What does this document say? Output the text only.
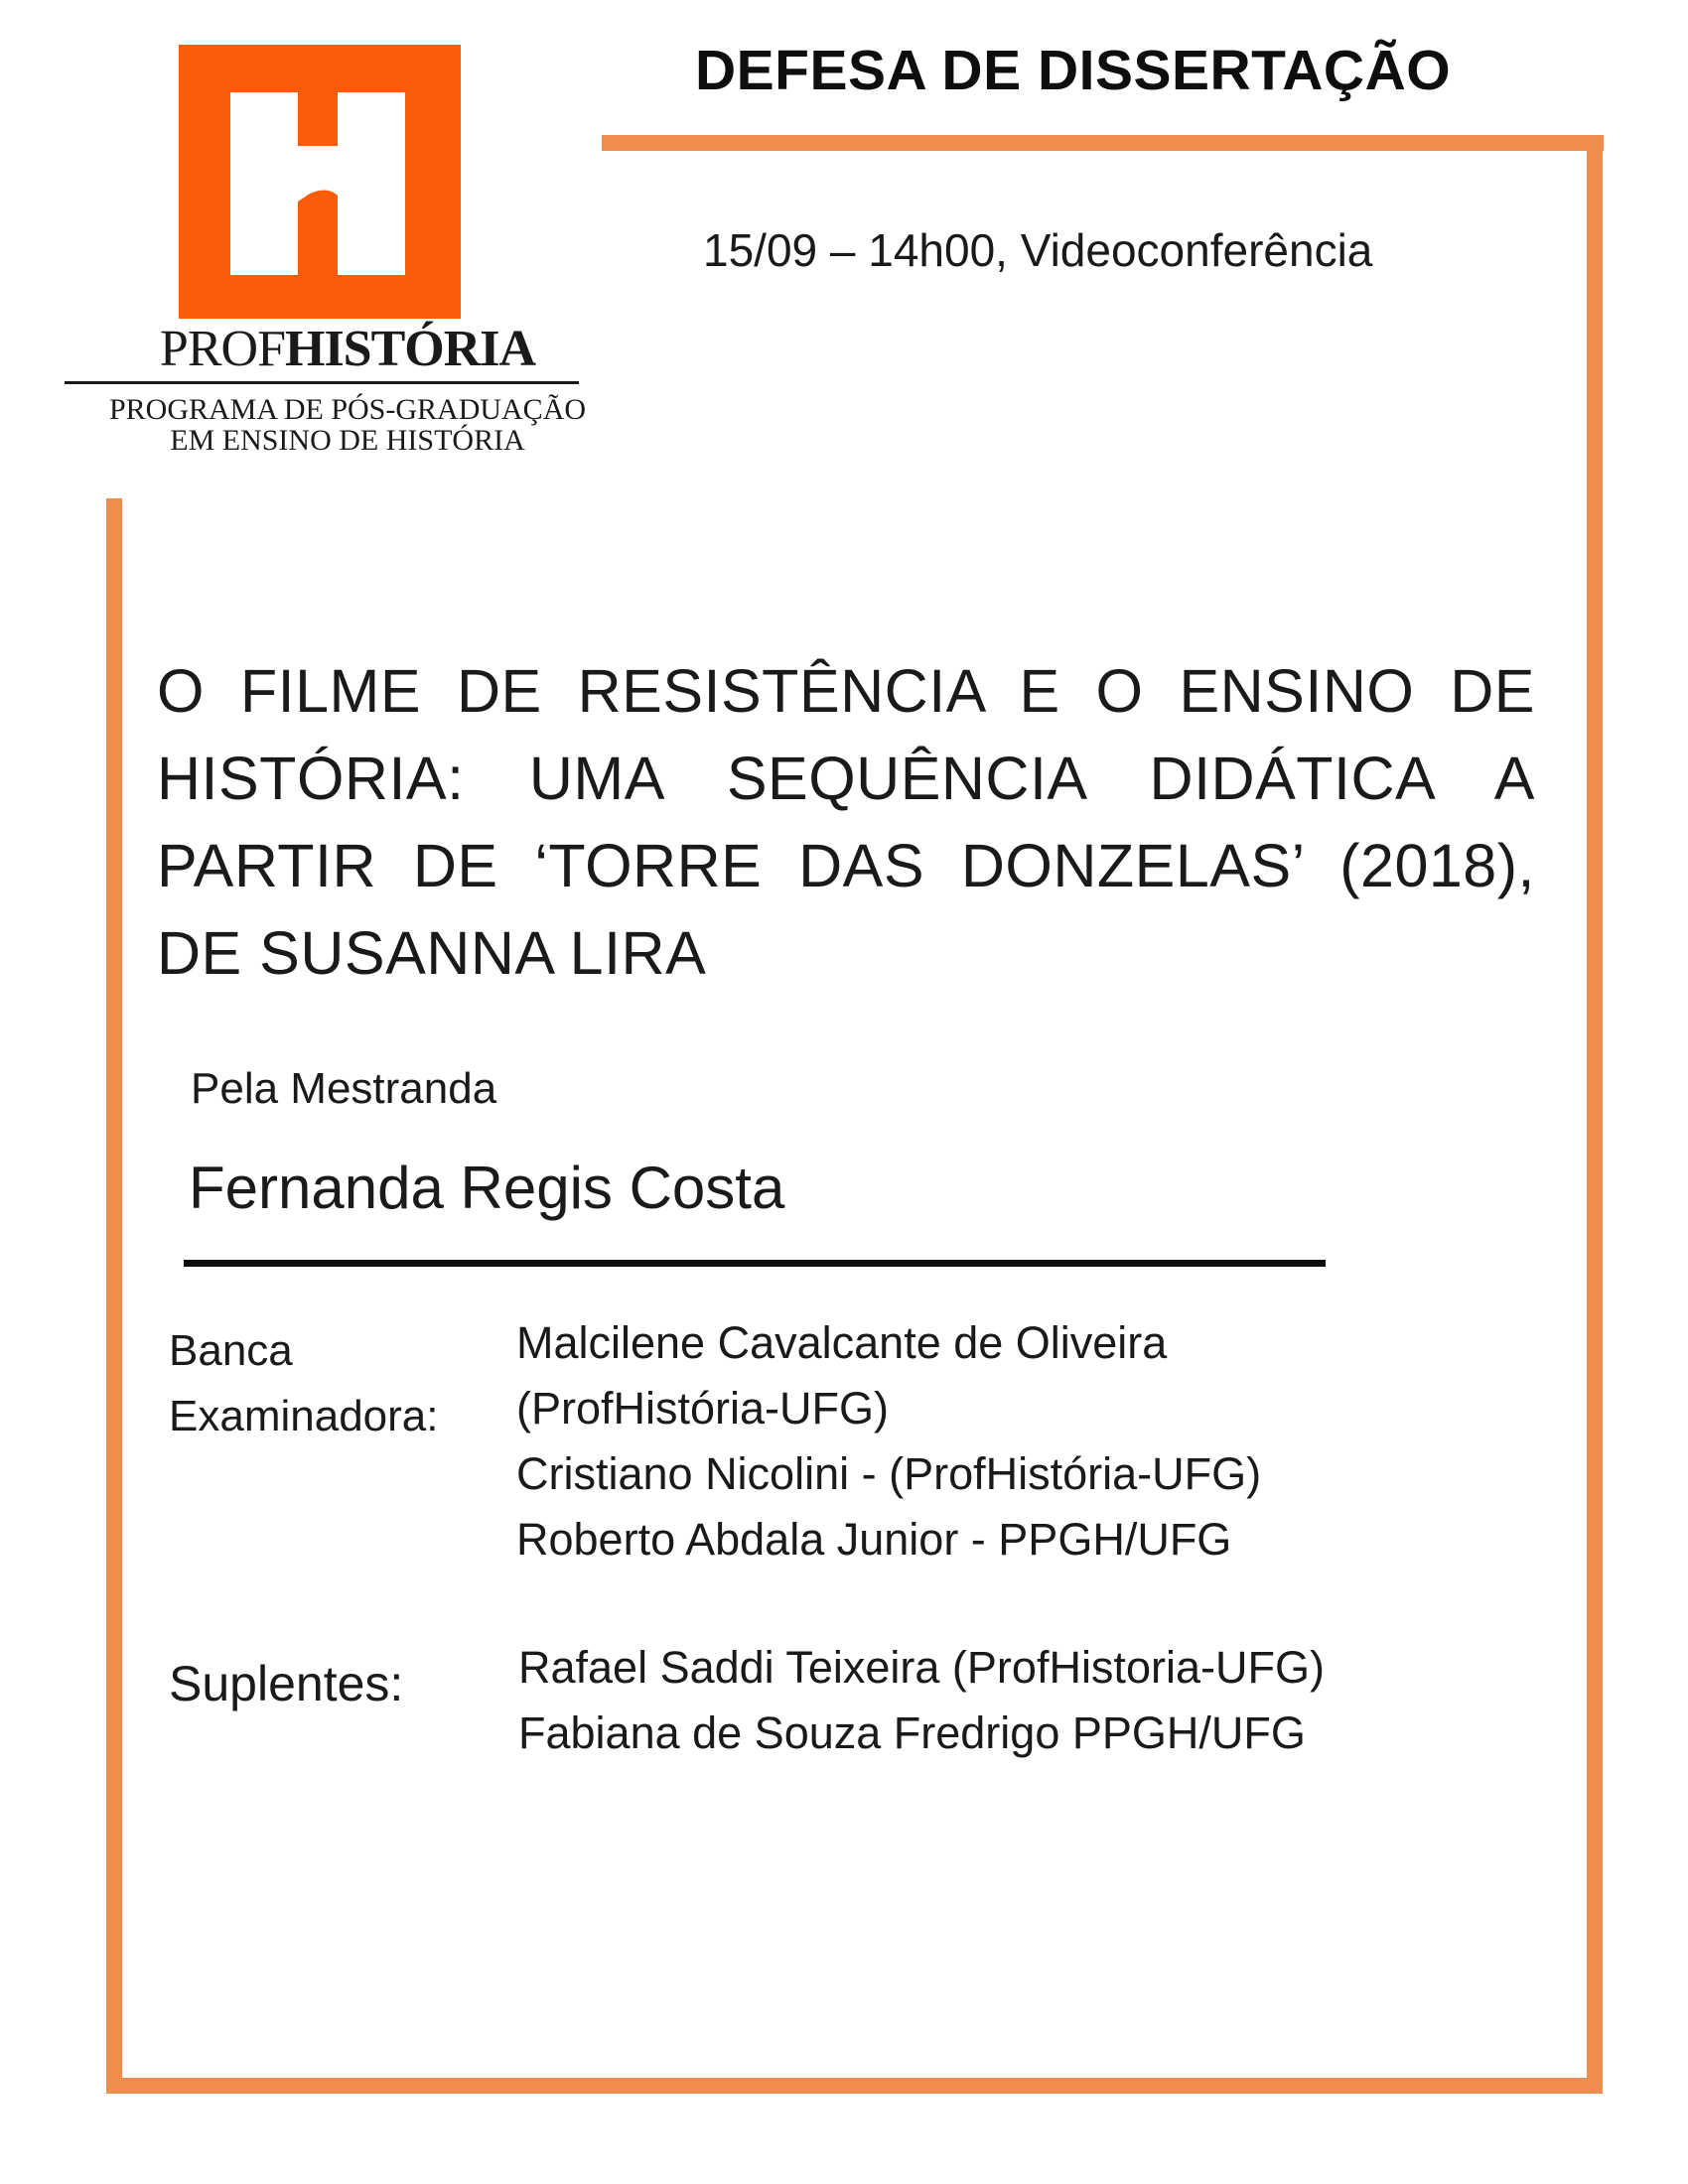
PROFHISTÓRIA
PROGRAMA DE PÓS-GRADUAÇÃO
EM ENSINO DE HISTÓRIA
DEFESA DE DISSERTAÇÃO
15/09 – 14h00, Videoconferência
O FILME DE RESISTÊNCIA E O ENSINO DE HISTÓRIA: UMA SEQUÊNCIA DIDÁTICA A PARTIR DE ‘TORRE DAS DONZELAS’ (2018), DE SUSANNA LIRA
Pela Mestranda
Fernanda Regis Costa
Banca
Examinadora:
Malcilene Cavalcante de Oliveira
(ProfHistória-UFG)
Cristiano Nicolini - (ProfHistória-UFG)
Roberto Abdala Junior - PPGH/UFG
Suplentes:	Rafael Saddi Teixeira (ProfHistoria-UFG)
Fabiana de Souza Fredrigo PPGH/UFG
